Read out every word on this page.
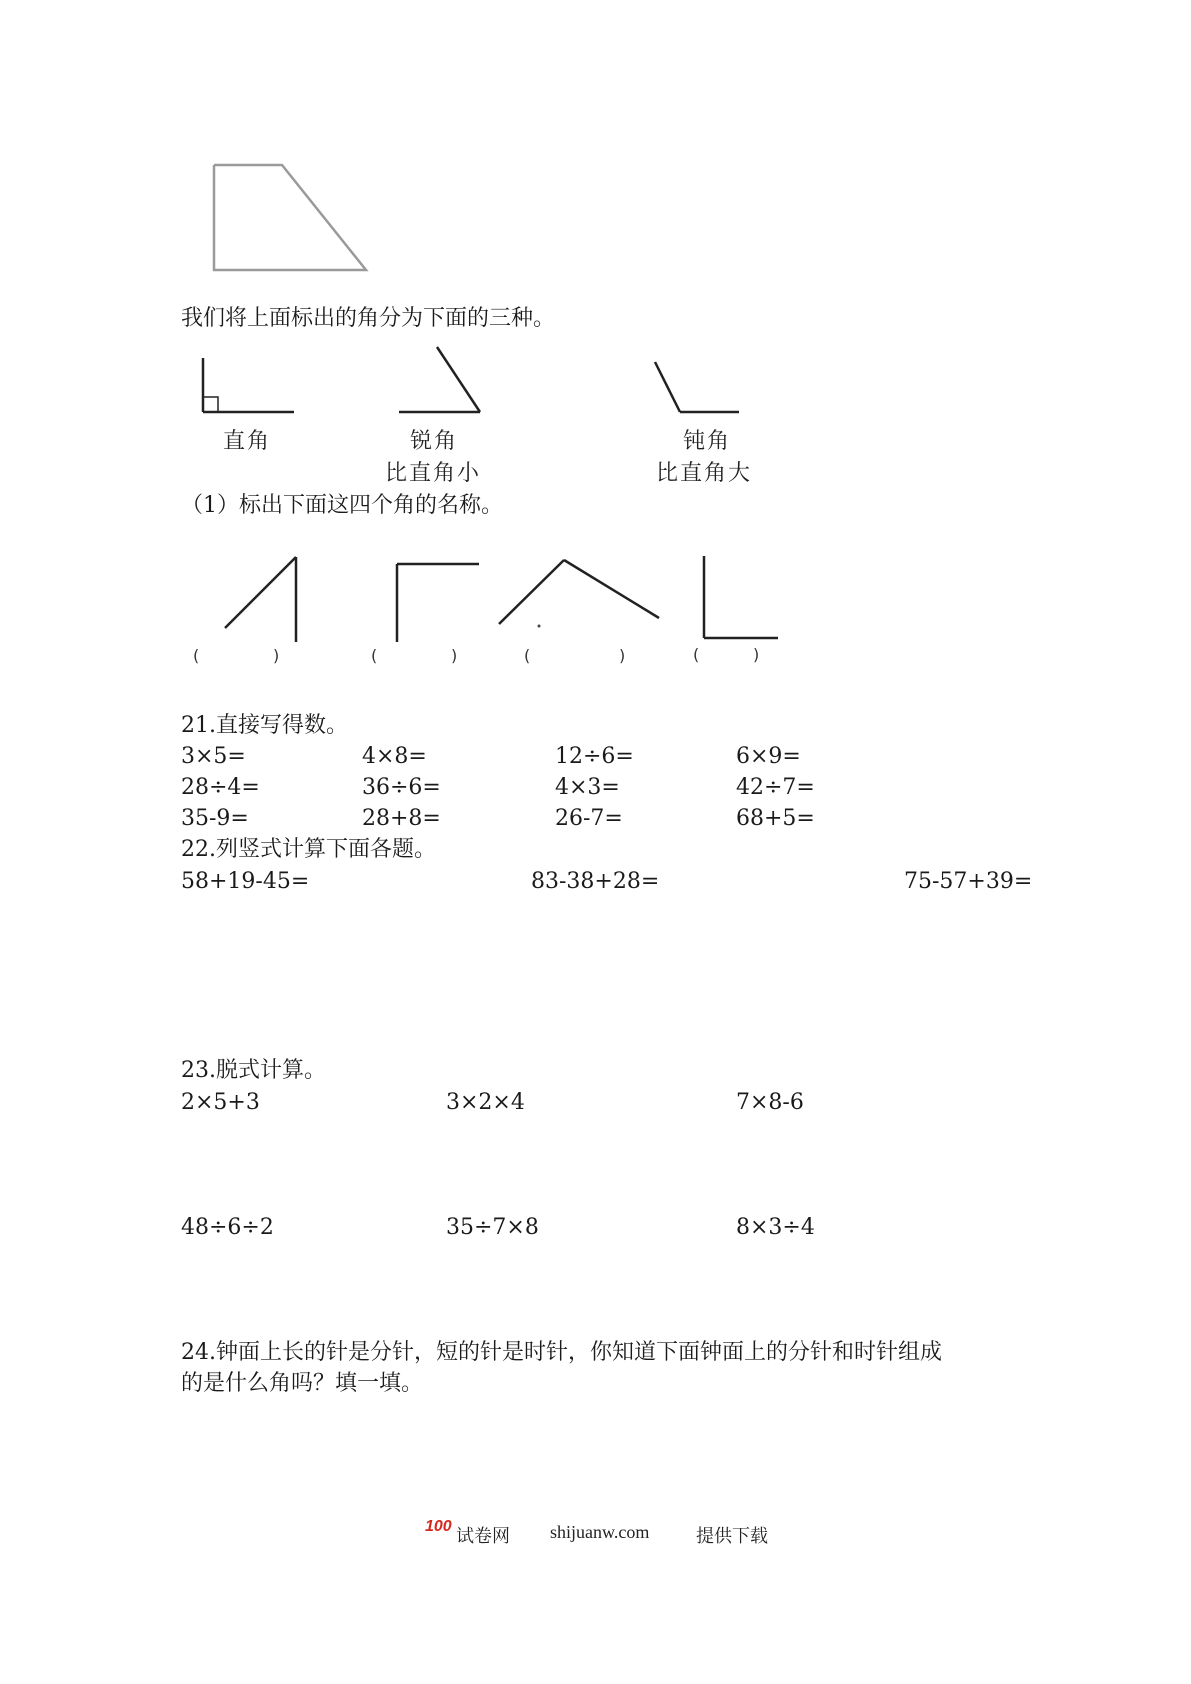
我们将上面标出的角分为下面的三种。
直角	锐角
比直角小
钝角
比直角大
（1）标出下面这四个角的名称。
(	)	(	)	(	)	(	)
21.直接写得数。
3×5=	4×8=	12÷6=	6×9=
28÷4=	36÷6=	4×3=	42÷7=
35-9=	28+8=	26-7=	68+5=
22.列竖式计算下面各题。
58+19-45=	83-38+28=	75-57+39=
23.脱式计算。
2×5+3	3×2×4	7×8-6
48÷6÷2	35÷7×8	8×3÷4
24.钟面上长的针是分针，短的针是时针，你知道下面钟面上的分针和时针组成
的是什么角吗？填一填。
100 试卷网 shijuanw.com	提供下载
